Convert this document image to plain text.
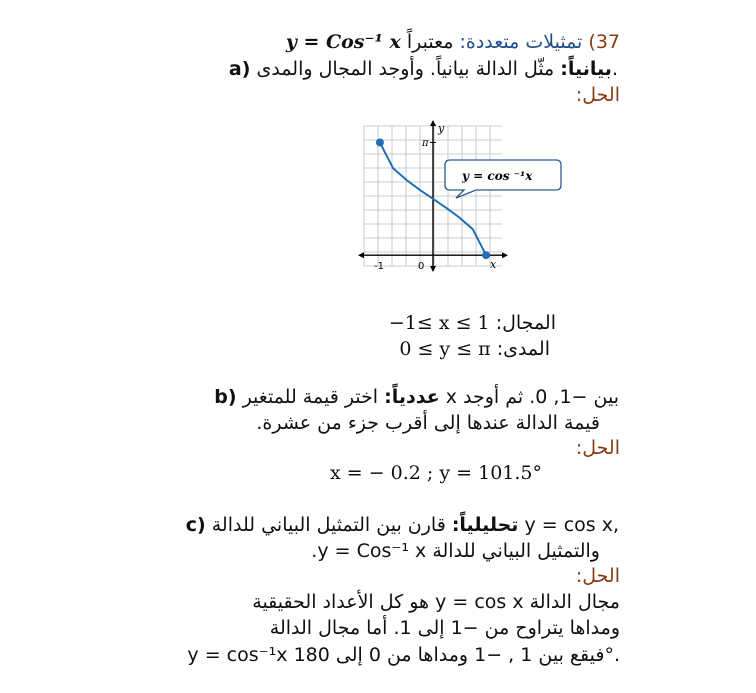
37) تمثيلات متعددة: معتبراً y = Cos⁻¹ x
a)	بيانياً: مثّل الدالة بيانياً. وأوجد المجال والمدى.
الحل:
y
x
π
-1	0
y = cos ⁻¹x
المجال: −1≤ x ≤ 1
المدى: 0 ≤ y ≤ π
b)	عددياً: اختر قيمة للمتغير x بين −1, 0. ثم أوجد
قيمة الدالة عندها إلى أقرب جزء من عشرة.
الحل:
x = − 0.2 ; y = 101.5°
c)	تحليلياً: قارن بين التمثيل البياني للدالة y = cos x,
والتمثيل البياني للدالة y = Cos⁻¹ x.
الحل:
مجال الدالة y = cos x هو كل الأعداد الحقيقية
ومداها يتراوح من −1 إلى 1. أما مجال الدالة
y = cos⁻¹x فيقع بين 1 , −1 ومداها من 0 إلى 180°.
